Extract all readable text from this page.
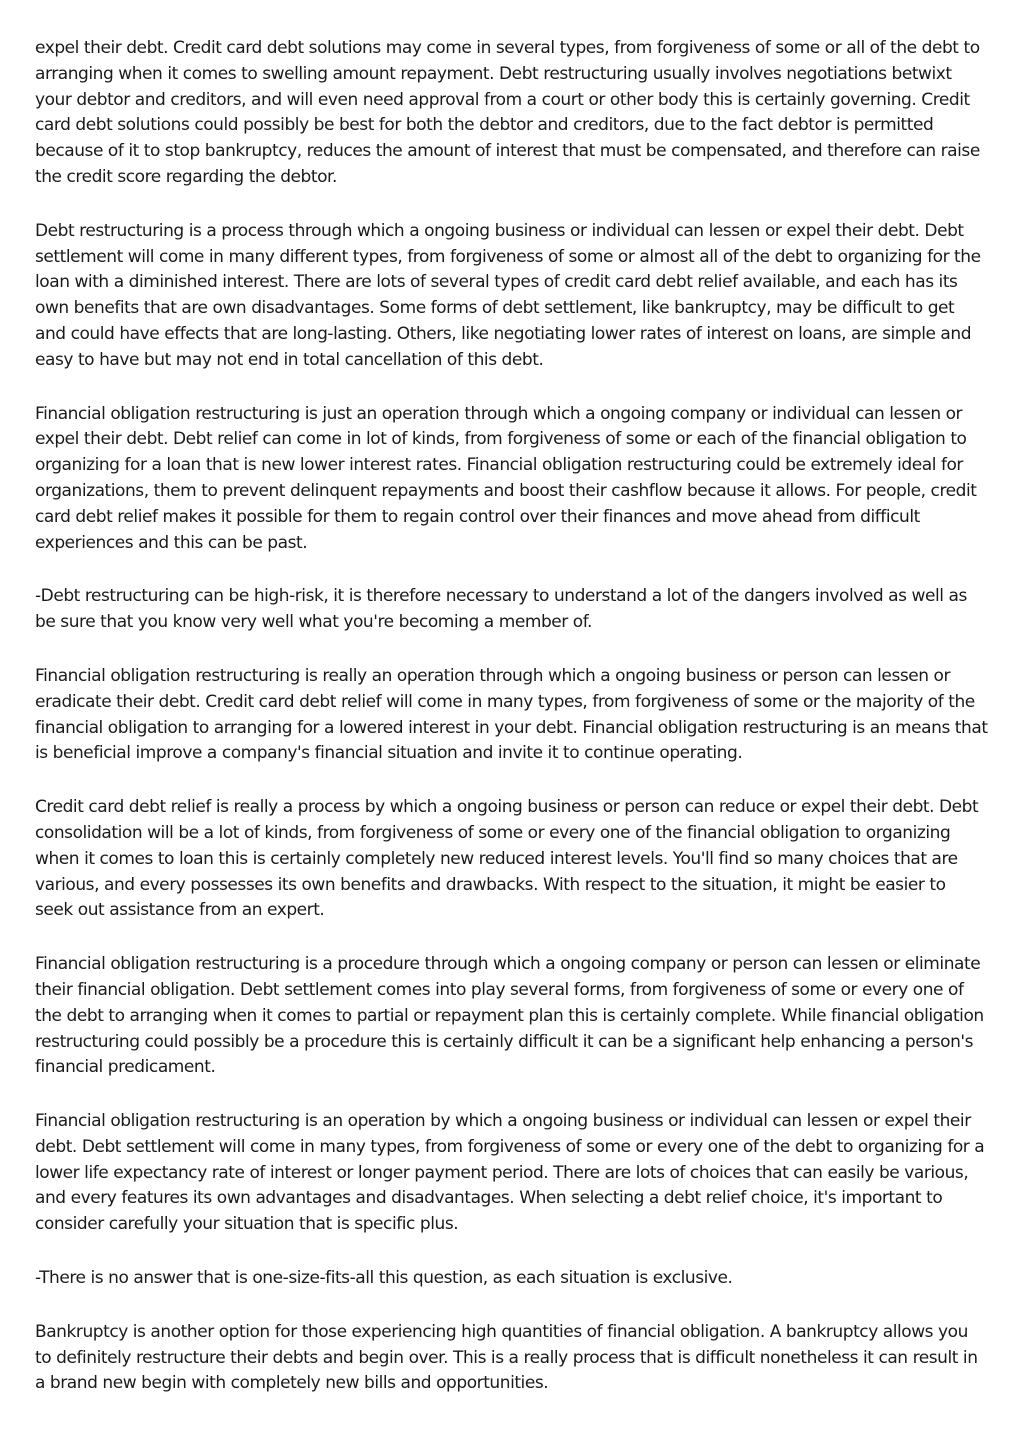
expel their debt. Credit card debt solutions may come in several types, from forgiveness of some or all of the debt to arranging when it comes to swelling amount repayment. Debt restructuring usually involves negotiations betwixt your debtor and creditors, and will even need approval from a court or other body this is certainly governing. Credit card debt solutions could possibly be best for both the debtor and creditors, due to the fact debtor is permitted because of it to stop bankruptcy, reduces the amount of interest that must be compensated, and therefore can raise the credit score regarding the debtor.

Debt restructuring is a process through which a ongoing business or individual can lessen or expel their debt. Debt settlement will come in many different types, from forgiveness of some or almost all of the debt to organizing for the loan with a diminished interest. There are lots of several types of credit card debt relief available, and each has its own benefits that are own disadvantages. Some forms of debt settlement, like bankruptcy, may be difficult to get and could have effects that are long-lasting. Others, like negotiating lower rates of interest on loans, are simple and easy to have but may not end in total cancellation of this debt.

Financial obligation restructuring is just an operation through which a ongoing company or individual can lessen or expel their debt. Debt relief can come in lot of kinds, from forgiveness of some or each of the financial obligation to organizing for a loan that is new lower interest rates. Financial obligation restructuring could be extremely ideal for organizations, them to prevent delinquent repayments and boost their cashflow because it allows. For people, credit card debt relief makes it possible for them to regain control over their finances and move ahead from difficult experiences and this can be past.

-Debt restructuring can be high-risk, it is therefore necessary to understand a lot of the dangers involved as well as be sure that you know very well what you're becoming a member of.

Financial obligation restructuring is really an operation through which a ongoing business or person can lessen or eradicate their debt. Credit card debt relief will come in many types, from forgiveness of some or the majority of the financial obligation to arranging for a lowered interest in your debt. Financial obligation restructuring is an means that is beneficial improve a company's financial situation and invite it to continue operating.

Credit card debt relief is really a process by which a ongoing business or person can reduce or expel their debt. Debt consolidation will be a lot of kinds, from forgiveness of some or every one of the financial obligation to organizing when it comes to loan this is certainly completely new reduced interest levels. You'll find so many choices that are various, and every possesses its own benefits and drawbacks. With respect to the situation, it might be easier to seek out assistance from an expert.

Financial obligation restructuring is a procedure through which a ongoing company or person can lessen or eliminate their financial obligation. Debt settlement comes into play several forms, from forgiveness of some or every one of the debt to arranging when it comes to partial or repayment plan this is certainly complete. While financial obligation restructuring could possibly be a procedure this is certainly difficult it can be a significant help enhancing a person's financial predicament.

Financial obligation restructuring is an operation by which a ongoing business or individual can lessen or expel their debt. Debt settlement will come in many types, from forgiveness of some or every one of the debt to organizing for a lower life expectancy rate of interest or longer payment period. There are lots of choices that can easily be various, and every features its own advantages and disadvantages. When selecting a debt relief choice, it's important to consider carefully your situation that is specific plus.

-There is no answer that is one-size-fits-all this question, as each situation is exclusive.

Bankruptcy is another option for those experiencing high quantities of financial obligation. A bankruptcy allows you to definitely restructure their debts and begin over. This is a really process that is difficult nonetheless it can result in a brand new begin with completely new bills and opportunities.
